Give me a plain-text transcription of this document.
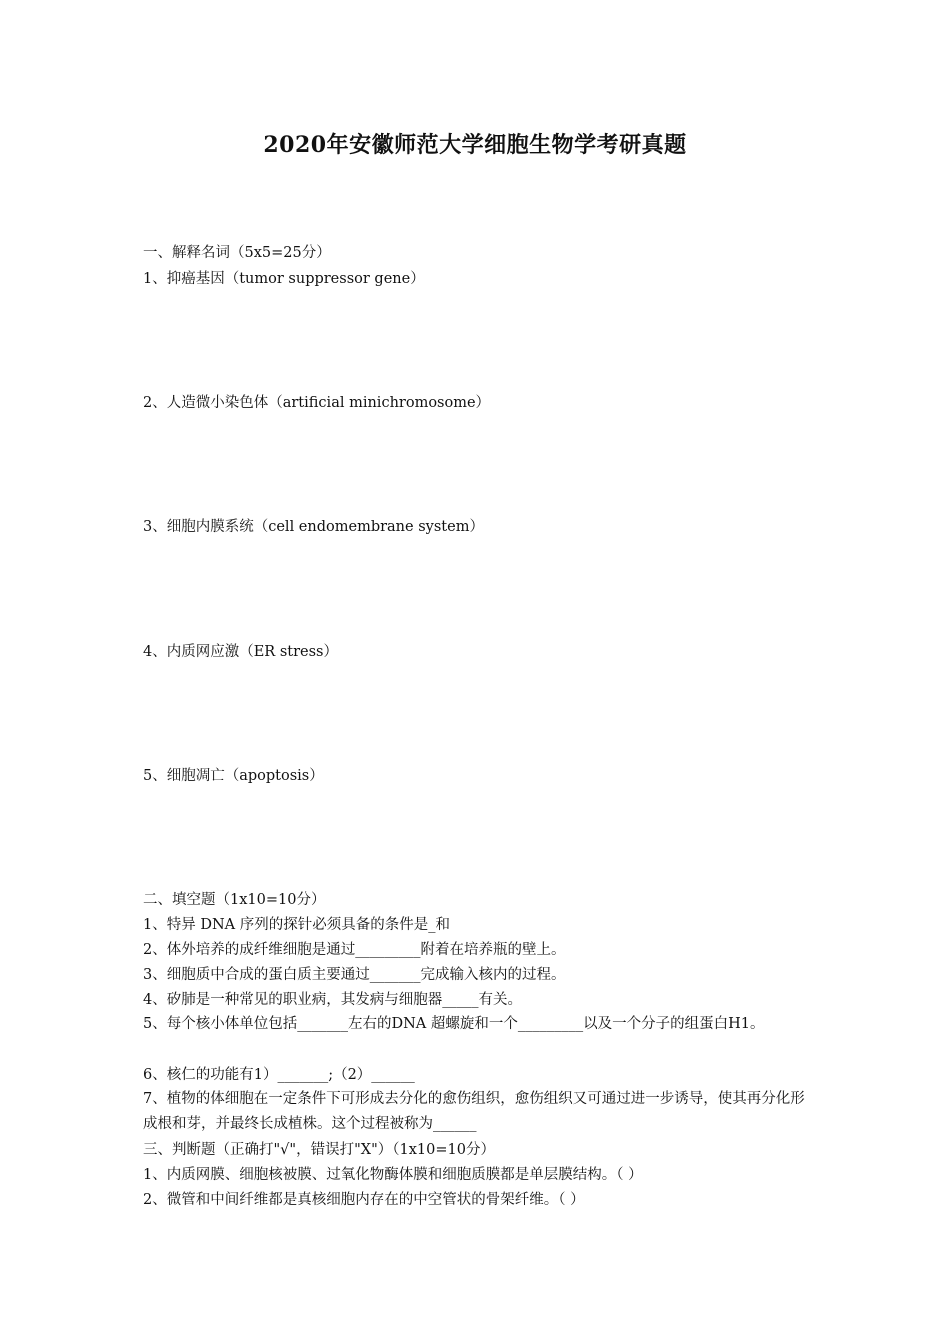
2020年安徽师范大学细胞生物学考研真题
一、解释名词（5x5=25分）
1、抑癌基因（tumor suppressor gene）
2、人造微小染色体（artificial minichromosome）
3、细胞内膜系统（cell endomembrane system）
4、内质网应激（ER stress）
5、细胞凋亡（apoptosis）
二、填空题（1x10=10分）
1、特异 DNA 序列的探针必须具备的条件是_和
2、体外培养的成纤维细胞是通过_________附着在培养瓶的壁上。
3、细胞质中合成的蛋白质主要通过_______完成输入核内的过程。
4、矽肺是一种常见的职业病，其发病与细胞器_____有关。
5、每个核小体单位包括_______左右的DNA 超螺旋和一个_________以及一个分子的组蛋白H1。
6、核仁的功能有1）_______;（2）______
7、植物的体细胞在一定条件下可形成去分化的愈伤组织，愈伤组织又可通过进一步诱导，使其再分化形成根和芽，并最终长成植株。这个过程被称为______
三、判断题（正确打"√"，错误打"X"）（1x10=10分）
1、内质网膜、细胞核被膜、过氧化物酶体膜和细胞质膜都是单层膜结构。（ ）
2、微管和中间纤维都是真核细胞内存在的中空管状的骨架纤维。（ ）
